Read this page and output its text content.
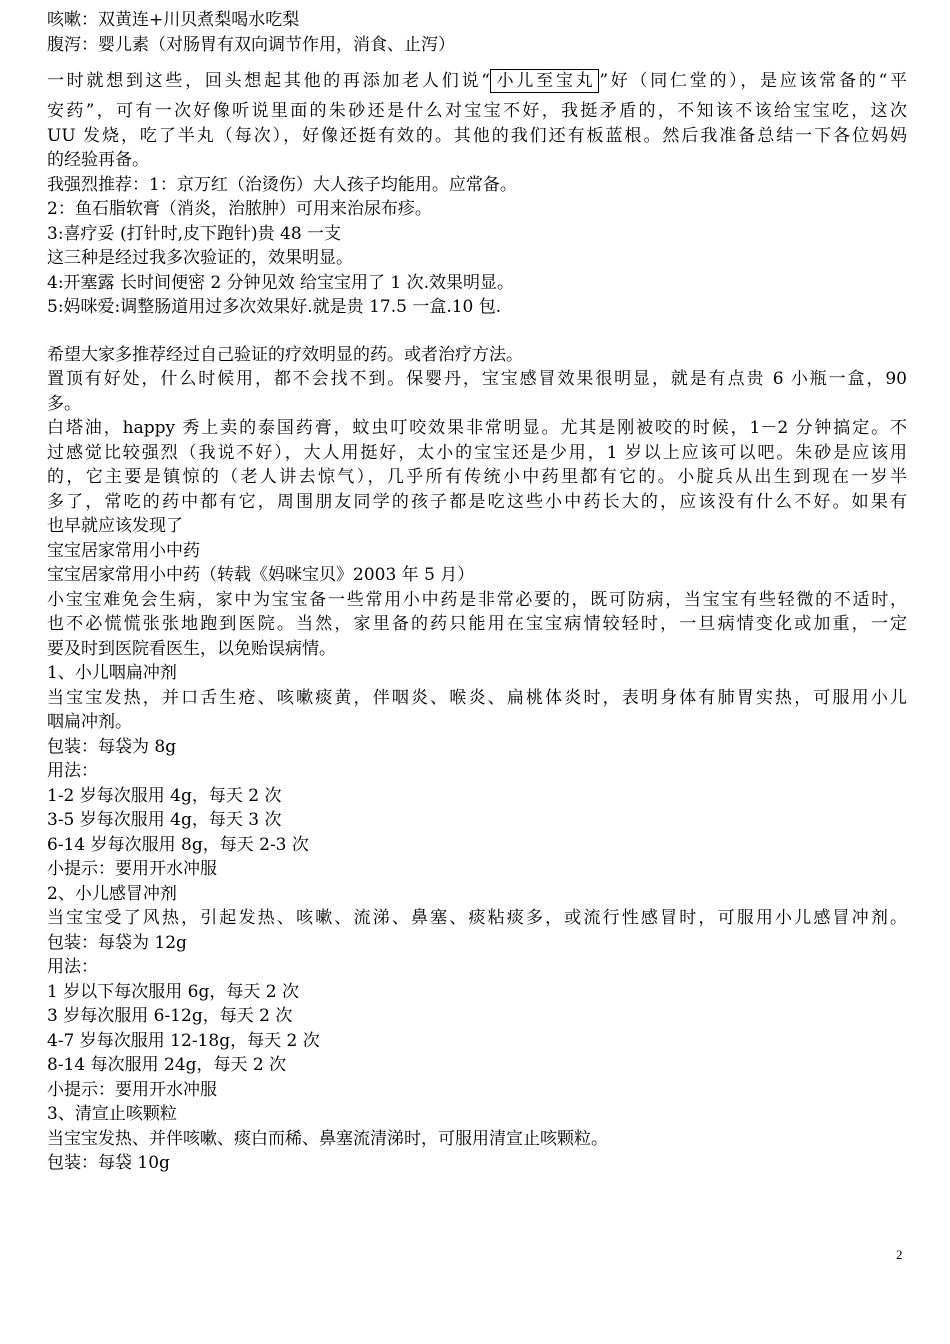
咳嗽：双黄连+川贝煮梨喝水吃梨
腹泻：婴儿素（对肠胃有双向调节作用，消食、止泻）
一时就想到这些，回头想起其他的再添加老人们说“ 小儿至宝丸 ”好（同仁堂的），是应该常备的“平
安药”，可有一次好像听说里面的朱砂还是什么对宝宝不好，我挺矛盾的，不知该不该给宝宝吃，这次
UU 发烧，吃了半丸（每次），好像还挺有效的。其他的我们还有板蓝根。然后我准备总结一下各位妈妈
的经验再备。
我强烈推荐：1：京万红（治烫伤）大人孩子均能用。应常备。
2：鱼石脂软膏（消炎，治脓肿）可用来治尿布疹。
3:喜疗妥 (打针时,皮下跑针)贵 48 一支
这三种是经过我多次验证的，效果明显。
4:开塞露 长时间便密 2 分钟见效 给宝宝用了 1 次.效果明显。
5:妈咪爱:调整肠道用过多次效果好.就是贵 17.5 一盒.10 包.
希望大家多推荐经过自己验证的疗效明显的药。或者治疗方法。
置顶有好处，什么时候用，都不会找不到。保婴丹，宝宝感冒效果很明显，就是有点贵 6 小瓶一盒，90
多。
白塔油，happy 秀上卖的泰国药膏，蚊虫叮咬效果非常明显。尤其是刚被咬的时候，1－2 分钟搞定。不
过感觉比较强烈（我说不好），大人用挺好，太小的宝宝还是少用，1 岁以上应该可以吧。朱砂是应该用
的，它主要是镇惊的（老人讲去惊气），几乎所有传统小中药里都有它的。小腚兵从出生到现在一岁半
多了，常吃的药中都有它，周围朋友同学的孩子都是吃这些小中药长大的，应该没有什么不好。如果有
也早就应该发现了
宝宝居家常用小中药
宝宝居家常用小中药（转载《妈咪宝贝》2003 年 5 月）
小宝宝难免会生病，家中为宝宝备一些常用小中药是非常必要的，既可防病，当宝宝有些轻微的不适时，
也不必慌慌张张地跑到医院。当然，家里备的药只能用在宝宝病情较轻时，一旦病情变化或加重，一定
要及时到医院看医生，以免贻误病情。
1、小儿咽扁冲剂
当宝宝发热，并口舌生疮、咳嗽痰黄，伴咽炎、喉炎、扁桃体炎时，表明身体有肺胃实热，可服用小儿
咽扁冲剂。
包装：每袋为 8g
用法：
1-2 岁每次服用 4g，每天 2 次
3-5 岁每次服用 4g，每天 3 次
6-14 岁每次服用 8g，每天 2-3 次
小提示：要用开水冲服
2、小儿感冒冲剂
当宝宝受了风热，引起发热、咳嗽、流涕、鼻塞、痰粘痰多，或流行性感冒时，可服用小儿感冒冲剂。
包装：每袋为 12g
用法：
1 岁以下每次服用 6g，每天 2 次
3 岁每次服用 6-12g，每天 2 次
4-7 岁每次服用 12-18g，每天 2 次
8-14 每次服用 24g，每天 2 次
小提示：要用开水冲服
3、清宣止咳颗粒
当宝宝发热、并伴咳嗽、痰白而稀、鼻塞流清涕时，可服用清宣止咳颗粒。
包装：每袋 10g
2
